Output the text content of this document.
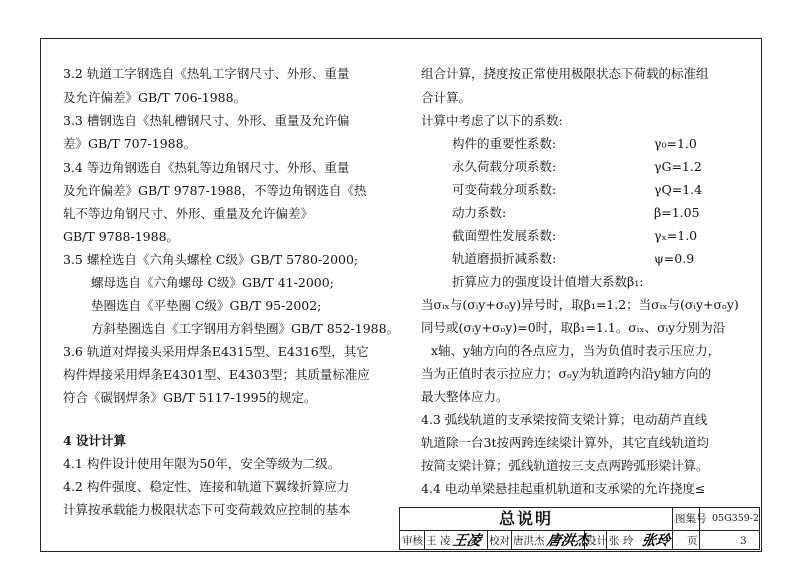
3.2 轨道工字钢选自《热轧工字钢尺寸、外形、重量
及允许偏差》GB/T 706-1988。
3.3 槽钢选自《热轧槽钢尺寸、外形、重量及允许偏
差》GB/T 707-1988。
3.4 等边角钢选自《热轧等边角钢尺寸、外形、重量
及允许偏差》GB/T 9787-1988，不等边角钢选自《热
轧不等边角钢尺寸、外形、重量及允许偏差》
GB/T 9788-1988。
3.5 螺栓选自《六角头螺栓 C级》GB/T 5780-2000;
螺母选自《六角螺母 C级》GB/T 41-2000;
垫圈选自《平垫圈 C级》GB/T 95-2002;
方斜垫圈选自《工字钢用方斜垫圈》GB/T 852-1988。
3.6 轨道对焊接头采用焊条E4315型、E4316型，其它
构件焊接采用焊条E4301型、E4303型；其质量标准应
符合《碳钢焊条》GB/T 5117-1995的规定。
4 设计计算
4.1 构件设计使用年限为50年，安全等级为二级。
4.2 构件强度、稳定性、连接和轨道下翼缘折算应力
计算按承载能力极限状态下可变荷载效应控制的基本
组合计算，挠度按正常使用极限状态下荷载的标准组
合计算。
计算中考虑了以下的系数:
构件的重要性系数:	γ₀=1.0
永久荷载分项系数:	γG=1.2
可变荷载分项系数:	γQ=1.4
动力系数:	β=1.05
截面塑性发展系数:	γₓ=1.0
轨道磨损折减系数:	ψ=0.9
折算应力的强度设计值增大系数β₁:
当σᵢₓ与(σᵢy+σₒy)异号时，取β₁=1.2；当σᵢₓ与(σᵢy+σₒy)
同号或(σᵢy+σₒy)=0时，取β₁=1.1。σᵢₓ、σᵢy分别为沿
x轴、y轴方向的各点应力，当为负值时表示压应力，
当为正值时表示拉应力；σₒy为轨道跨内沿y轴方向的
最大整体应力。
4.3 弧线轨道的支承梁按简支梁计算；电动葫芦直线
轨道除一台3t按两跨连续梁计算外，其它直线轨道均
按简支梁计算；弧线轨道按三支点两跨弧形梁计算。
4.4 电动单梁悬挂起重机轨道和支承梁的允许挠度≤
总说明	图集号 05G359-2
审核 王 凌 王凌 校对 唐洪杰 唐洪杰
设计 张 玲 张玲 页	3
